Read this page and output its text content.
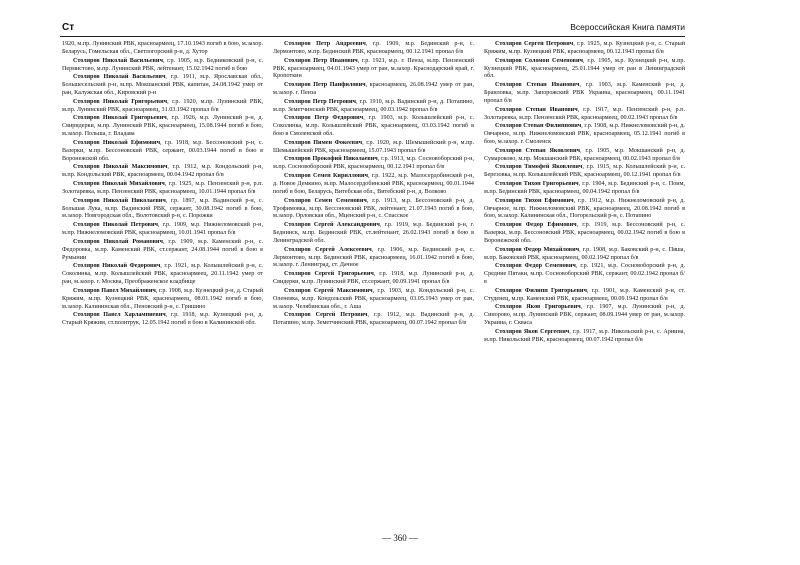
Ст	Всероссийская Книга памяти

1920, м.пр. Лунинский РВК, красноармеец, 17.10.1943 погиб в бою, м.захор. Беларусь, Гомельская обл., Светлогорский р-н, д. Хутор

Столяров Николай Васильевич , г.р. 1905, м.р. Бедниковский р-н, с. Пермистово, м.пр. Лунинский РВК, лейтенант, 15.02.1942 погиб в бою

Столяров Николай Васильевич , г.р. 1911, м.р. Ярославская обл., Большесельский р-н, м.пр. Мокшанский РВК, капитан, 24.08.1942 умер от ран, Калужская обл., Кировский р-н

Столяров Николай Григорьевич , г.р. 1920, м.пр. Лунинский РВК, м.пр. Лунинский РВК, красноармеец, 31.03.1942 пропал б/в

Столяров Николай Григорьевич , г.р. 1926, м.р. Лунинский р-н, д. Свиридерки, м.пр. Лунинский РВК, красноармеец, 15.08.1944 погиб в бою, м.захор. Польша, г. Владава

Столяров Николай Ефимович , г.р. 1918, м.р. Бессоновский р-н, с. Вазерки, м.пр. Бессоновский РВК, сержант, 00.03.1944 погиб в бою в Воронежской обл.

Столяров Николай Максимович , г.р. 1912, м.р. Кондольский р-н, м.пр. Кондольский РВК, красноармеец, 00.04.1942 пропал б/в

Столяров Николай Михайлович , г.р. 1925, м.р. Пензенский р-н, р.п. Золотаревка, м.пр. Пензенский РВК, красноармеец, 10.01.1944 пропал б/в

Столяров Николай Николаевич , г.р. 1897, м.р. Вадинский р-н, с. Большая Лука, м.пр. Вадинский РВК, сержант, 30.08.1942 погиб в бою, м.захор. Новгородская обл., Волотовский р-н, с. Порожки

Столяров Николай Петрович , г.р. 1909, м.р. Нижнеломовский р-н, м.пр. Нижнеломовский РВК, красноармеец, 10.01.1941 пропал б/в

Столяров Николай Романович , г.р. 1909, м.р. Каменский р-н, с. Федоровка, м.пр. Каменский РВК, ст.сержант, 24.08.1944 погиб в бою в Румынии

Столяров Николай Федорович , г.р. 1921, м.р. Колышлейский р-н, с. Соколинка, м.пр. Колышлейский РВК, красноармеец, 20.11.1942 умер от ран, м.захор. г. Москва, Преображенское кладбище

Столяров Павел Михайлович , г.р. 1908, м.р. Кузнецкий р-н, д. Старый Кряжим, м.пр. Кузнецкий РВК, красноармеец, 08.01.1942 погиб в бою, м.захор. Калининская обл., Пеновский р-н, с. Гришино

Столяров Павел Харлампиевич , г.р. 1918, м.р. Кузнецкий р-н, д. Старый Кряжим, ст.политрук, 12.05.1942 погиб в бою в Калининской обл.

Столяров Петр Андреевич , г.р. 1909, м.р. Бединский р-н, с. Лермонтово, м.пр. Бединский РВК, красноармеец, 00.12.1941 пропал б/в

Столяров Петр Иванович , г.р. 1921, м.р. г. Пенза, м.пр. Пензенский РВК, красноармеец, 04.01.1943 умер от ран, м.захор. Краснодарский край, г. Кропоткин

Столяров Петр Панфилович , красноармеец, 26.08.1942 умер от ран, м.захор. г. Пенза

Столяров Петр Петрович , г.р. 1910, м.р. Вадинский р-н, д. Потапино, м.пр. Земетчинский РВК, красноармеец, 00.03.1942 пропал б/в

Столяров Петр Федорович , г.р. 1903, м.р. Колышлейский р-н, с. Соколинка, м.пр. Колышлейский РВК, красноармеец, 03.03.1942 погиб в бою в Смоленской обл.

Столяров Пимен Фокеевич , г.р. 1920, м.р. Шемышейский р-н, м.пр. Шемышейский РВК, красноармеец, 15.07.1943 пропал б/в

Столяров Прокофий Николаевич , г.р. 1913, м.р. Сосновоборский р-н, м.пр. Сосновоборский РВК, красноармеец, 00.12.1941 пропал б/в

Столяров Семен Кириллович , г.р. 1922, м.р. Малосердобинский р-н, д. Новое Демкино, м.пр. Малосердобинский РВК, красноармеец, 00.01.1944 погиб в бою, Беларусь, Витебская обл., Витебский р-н, д. Волково

Столяров Семен Семенович , г.р. 1913, м.р. Бессоновский р-н, д. Трофимовка, м.пр. Бессоновский РВК, лейтенант, 21.07.1943 погиб в бою, м.захор. Орловская обл., Мценский р-н, с. Спасское

Столяров Сергей Александрович , г.р. 1919, м.р. Бединский р-н, г. Беднинск, м.пр. Бединский РВК, ст.лейтенант, 26.02.1943 погиб в бою в Ленинградской обл.

Столяров Сергей Алексеевич , г.р. 1906, м.р. Бединский р-н, с. Лермонтово, м.пр. Бединский РВК, красноармеец, 16.01.1942 погиб в бою, м.захор. г. Ленинград, ст. Дачное

Столяров Сергей Григорьевич , г.р. 1918, м.р. Лунинский р-н, д. Свидерки, м.пр. Лунинский РВК, ст.сержант, 00.09.1941 пропал б/в

Столяров Сергей Максимович , г.р. 1903, м.р. Кондольский р-н, с. Оленевка, м.пр. Кондольский РВК, красноармеец, 03.05.1943 умер от ран, м.захор. Челябинская обл., г. Аша

Столяров Сергей Петрович , г.р. 1912, м.р. Вадинский р-н, д. Потапино, м.пр. Земетчинский РВК, красноармеец, 00.07.1942 пропал б/в

Столяров Сергей Петрович , г.р. 1925, м.р. Кузнецкий р-н, с. Старый Кряжим, м.пр. Кузнецкий РВК, красноармеец, 00.12.1943 пропал б/в

Столяров Соломон Семенович , г.р. 1905, м.р. Кузнецкий р-н, м.пр. Кузнецкий РВК, красноармеец, 25.01.1944 умер от ран в Ленинградской обл.

Столяров Степан Иванович , г.р. 1903, м.р. Каменский р-н, д. Браиловка, м.пр. Запорожский РВК Украина, красноармеец, 00.11.1941 пропал б/в

Столяров Степан Иванович , г.р. 1917, м.р. Пензенский р-н, р.п. Золотаревка, м.пр. Пензенский РВК, красноармеец, 00.02.1943 пропал б/в

Столяров Степан Филиппович , г.р. 1908, м.р. Нижнеломовский р-н, д. Овчарное, м.пр. Нижнеломовский РВК, красноармеец, 05.12.1941 погиб в бою, м.захор. г. Смоленск

Столяров Степан Яковлевич , г.р. 1905, м.р. Мокшанский р-н, д. Сумароково, м.пр. Мокшанский РВК, красноармеец, 00.02.1943 пропал б/в

Столяров Тимофей Яковлевич , г.р. 1915, м.р. Колышлейский р-н, с. Березовка, м.пр. Колышлейский РВК, красноармеец, 00.12.1941 пропал б/в

Столяров Тихон Григорьевич , г.р. 1904, м.р. Бединский р-н, с. Поим, м.пр. Бединский РВК, красноармеец, 00.04.1942 пропал б/в

Столяров Тихон Ефимович , г.р. 1912, м.р. Нижнеломовский р-н, д. Овчарное, м.пр. Нижнеломовский РВК, красноармеец, 20.08.1942 погиб в бою, м.захор. Калининская обл., Погорельский р-н, с. Потапино

Столяров Федор Ефимович , г.р. 1919, м.р. Бессоновский р-н, с. Вазерки, м.пр. Бессоновский РВК, красноармеец, 00.02.1942 погиб в бою в Воронежской обл.

Столяров Федор Михайлович , г.р. 1908, м.р. Баковский р-н, с. Пяша, м.пр. Баковский РВК, красноармеец, 00.02.1942 пропал б/в

Столяров Федор Семенович , г.р. 1921, м.р. Сосновоборский р-н, д. Средние Пятаки, м.пр. Сосновоборский РВК, сержант, 00.02.1942 пропал б/в

Столяров Филипп Григорьевич , г.р. 1901, м.р. Каменский р-н, ст. Студенец, м.пр. Каменский РВК, красноармеец, 00.09.1942 пропал б/в

Столяров Яков Григорьевич , г.р. 1907, м.р. Лунинский р-н, д. Синорово, м.пр. Лунинский РВК, сержант, 08.09.1944 умер от ран, м.захор. Украина, г. Скваса

Столяров Яков Сергеевич , г.р. 1917, м.р. Никольский р-н, с. Ариина, м.пр. Никольский РВК, красноармеец, 00.07.1942 пропал б/в

— 360 —
